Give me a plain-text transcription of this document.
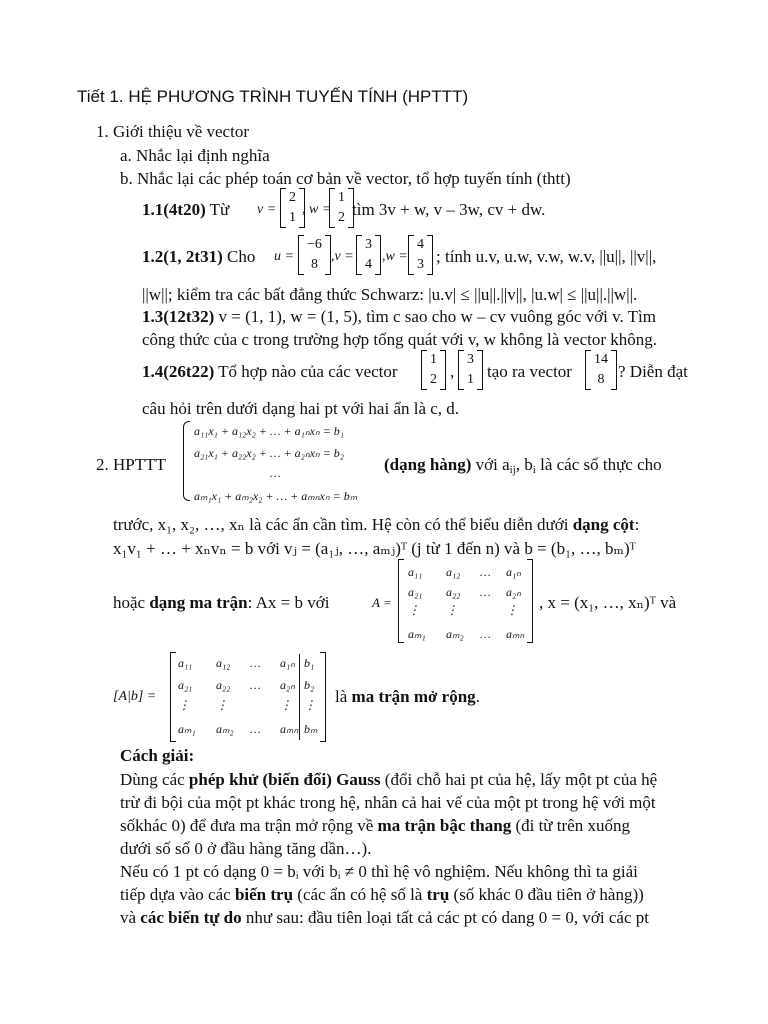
Tiết 1. HỆ PHƯƠNG TRÌNH TUYẾN TÍNH (HPTTT)
1. Giới thiệu về vector
a. Nhắc lại định nghĩa
b. Nhắc lại các phép toán cơ bản về vector, tổ hợp tuyến tính (thtt)
1.1(4t20) Từ v =
2
1
, w =
1
2 tìm 3v + w, v – 3w, cv + dw.
1.2(1, 2t31) Cho u =
−6
8
,v =
3
4
,w =
4
3 ; tính u.v, u.w, v.w, w.v, ||u||, ||v||,
||w||; kiểm tra các bất đẳng thức Schwarz: |u.v| ≤ ||u||.||v||, |u.w| ≤ ||u||.||w||.
1.3(12t32) v = (1, 1), w = (1, 5), tìm c sao cho w – cv vuông góc với v. Tìm
công thức của c trong trường hợp tổng quát với v, w không là vector không.
1.4(26t22) Tổ hợp nào của các vector
1
2 ,
3
1 tạo ra vector
14
8 ? Diễn đạt
câu hỏi trên dưới dạng hai pt với hai ẩn là c, d.
2. HPTTT
a₁₁x₁ + a₁₂x₂ + … + a₁ₙxₙ = b₁
a₂₁x₁ + a₂₂x₂ + … + a₂ₙxₙ = b₂
…
aₘ₁x₁ + aₘ₂x₂ + … + aₘₙxₙ = bₘ
(dạng hàng) với $a_{ij}$, $b_i$ là các số thực cho
trước, x₁, x₂, …, xₙ là các ẩn cần tìm. Hệ còn có thể biểu diễn dưới dạng cột:
x₁v₁ + … + xₙvₙ = b với vⱼ = (a₁ⱼ, …, aₘⱼ)ᵀ (j từ 1 đến n) và b = (b₁, …, bₘ)ᵀ
hoặc dạng ma trận: Ax = b với	A =
a₁₁ a₁₂ … a₁ₙ
a₂₁ a₂₂ … a₂ₙ
⋮ ⋮	⋮
aₘ₁ aₘ₂ … aₘₙ
, x = (x₁, …, xₙ)ᵀ và
[A|b] =
a₁₁ a₁₂ … a₁ₙ b₁
a₂₁ a₂₂ … a₂ₙ b₂
⋮ ⋮	⋮ ⋮
aₘ₁ aₘ₂ … aₘₙ bₘ
là ma trận mở rộng.
Cách giải:
Dùng các phép khử (biến đổi) Gauss (đổi chỗ hai pt của hệ, lấy một pt của hệ
trừ đi bội của một pt khác trong hệ, nhân cả hai vế của một pt trong hệ với một
sốkhác 0) để đưa ma trận mở rộng về ma trận bậc thang (đi từ trên xuống
dưới số số 0 ở đầu hàng tăng dần…).
Nếu có 1 pt có dạng 0 = bᵢ với bᵢ ≠ 0 thì hệ vô nghiệm. Nếu không thì ta giải
tiếp dựa vào các biến trụ (các ẩn có hệ số là trụ (số khác 0 đầu tiên ở hàng))
và các biến tự do như sau: đầu tiên loại tất cả các pt có dang 0 = 0, với các pt
